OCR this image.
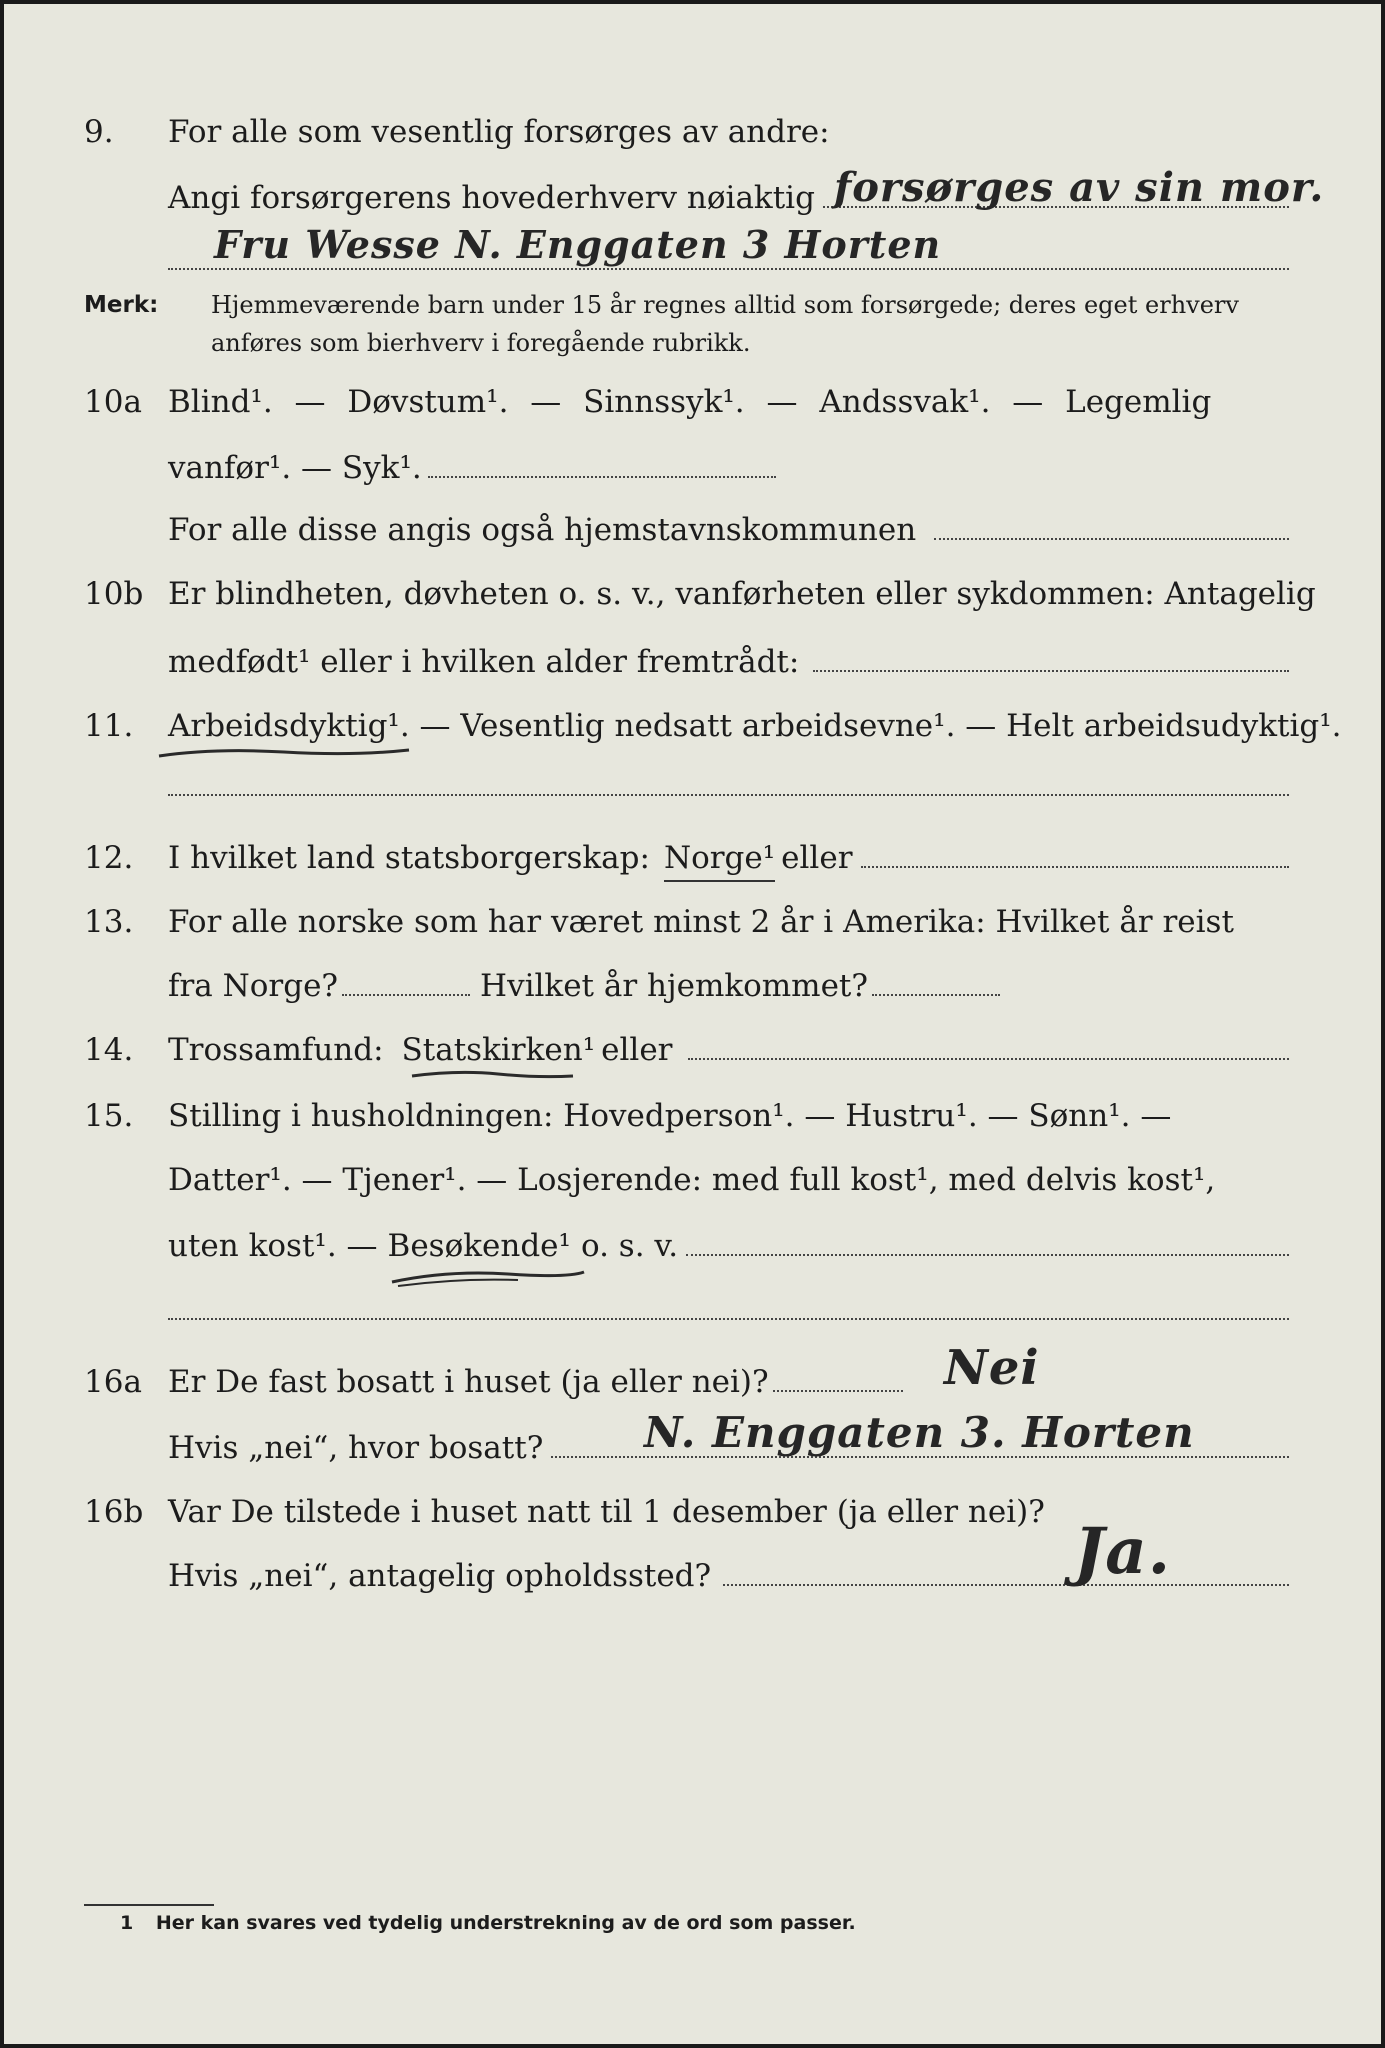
9.	For alle som vesentlig forsørges av andre:
Angi forsørgerens hovederhverv nøiaktig forsørges av sin mor.
Fru Wesse N. Enggaten 3 Horten
Merk: Hjemmeværende barn under 15 år regnes alltid som forsørgede; deres eget erhverv anføres som bierhverv i foregående rubrikk.
10a Blind¹. — Døvstum¹. — Sinnssyk¹. — Andssvak¹. — Legemlig
vanfør¹. — Syk¹.
For alle disse angis også hjemstavnskommunen
10b Er blindheten, døvheten o. s. v., vanførheten eller sykdommen: Antagelig
medfødt¹ eller i hvilken alder fremtrådt:
11.	Arbeidsdyktig¹. — Vesentlig nedsatt arbeidsevne¹. — Helt arbeidsudyktig¹.
12.	I hvilket land statsborgerskap: Norge¹ eller
13.	For alle norske som har været minst 2 år i Amerika: Hvilket år reist
fra Norge?	Hvilket år hjemkommet?
14.	Trossamfund: Statskirken¹ eller
15.	Stilling i husholdningen: Hovedperson¹. — Hustru¹. — Sønn¹. —
Datter¹. — Tjener¹. — Losjerende: med full kost¹, med delvis kost¹,
uten kost¹. — Besøkende¹ o. s. v.
16a Er De fast bosatt i huset (ja eller nei)?	Nei
Hvis „nei“, hvor bosatt? N. Enggaten 3. Horten
16b Var De tilstede i huset natt til 1 desember (ja eller nei)?
Hvis „nei“, antagelig opholdssted?	Ja.
1 Her kan svares ved tydelig understrekning av de ord som passer.
